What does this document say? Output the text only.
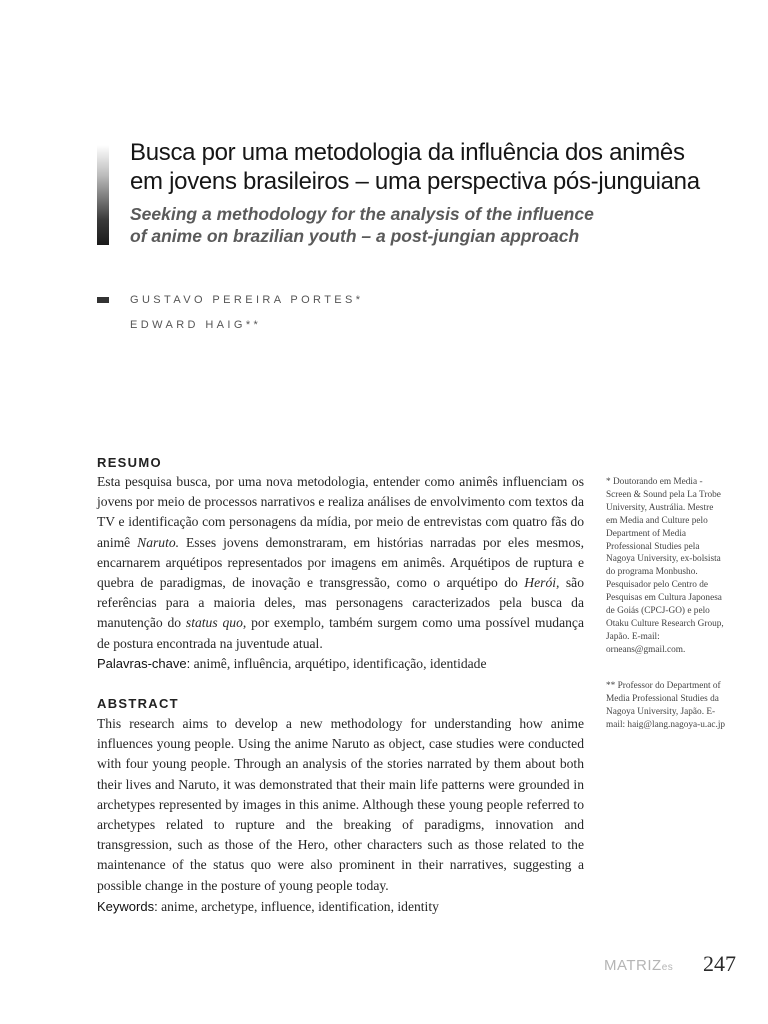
Busca por uma metodologia da influência dos animês
em jovens brasileiros – uma perspectiva pós-junguiana
Seeking a methodology for the analysis of the influence
of anime on brazilian youth – a post-jungian approach
GUSTAVO PEREIRA PORTES*
EDWARD HAIG**
RESUMO

Esta pesquisa busca, por uma nova metodologia, entender como animês influenciam os jovens por meio de processos narrativos e realiza análises de envolvimento com textos da TV e identificação com personagens da mídia, por meio de entrevistas com quatro fãs do animê Naruto. Esses jovens demonstraram, em histórias narradas por eles mesmos, encarnarem arquétipos representados por imagens em animês. Arquétipos de ruptura e quebra de paradigmas, de inovação e transgressão, como o arquétipo do Herói, são referências para a maioria deles, mas personagens caracterizados pela busca da manutenção do status quo, por exemplo, também surgem como uma possível mudança de postura encontrada na juventude atual.

Palavras-chave: animê, influência, arquétipo, identificação, identidade

ABSTRACT

This research aims to develop a new methodology for understanding how anime influences young people. Using the anime Naruto as object, case studies were conducted with four young people. Through an analysis of the stories narrated by them about both their lives and Naruto, it was demonstrated that their main life patterns were grounded in archetypes represented by images in this anime. Although these young people referred to archetypes related to rupture and the breaking of paradigms, innovation and transgression, such as those of the Hero, other characters such as those related to the maintenance of the status quo were also prominent in their narratives, suggesting a possible change in the posture of young people today.

Keywords: anime, archetype, influence, identification, identity

* Doutorando em Media - Screen & Sound pela La Trobe University, Austrália. Mestre em Media and Culture pelo Department of Media Professional Studies pela Nagoya University, ex-bolsista do programa Monbusho. Pesquisador pelo Centro de Pesquisas em Cultura Japonesa de Goiás (CPCJ-GO) e pelo Otaku Culture Research Group, Japão. E-mail: orneans@gmail.com.

** Professor do Department of Media Professional Studies da Nagoya University, Japão. E-mail: haig@lang.nagoya-u.ac.jp

MATRIZes 247
